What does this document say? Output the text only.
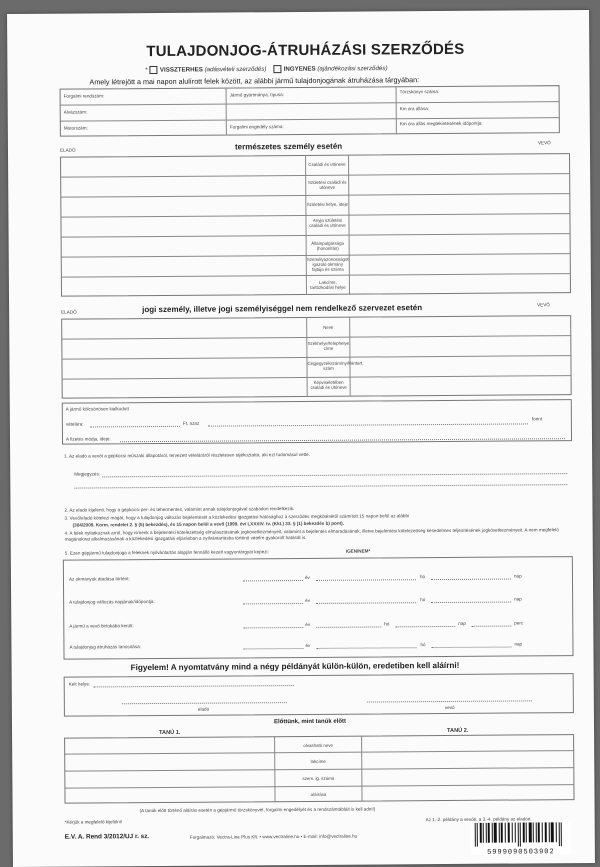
TULAJDONJOG-ÁTRUHÁZÁSI SZERZŐDÉS
* VISSZTERHES (adásvételi szerződés)	INGYENES (ajándékozási szerződés)
Amely létrejött a mai napon alulírott felek között, az alábbi jármű tulajdonjogának átruházása tárgyában:
Forgalmi rendszám:	Jármű gyártmánya, típusa:
Törzskönyv száma:
Alvázszám:
Km óra állása:
Motorszám:	Forgalmi engedély száma:
Km óra állás megtekintésének időpontja:
ELADÓ	természetes személy esetén	VEVŐ
Családi és utóneve
Születési családi és utóneve
Születési helye, ideje
Anyja születési családi és utóneve
Állampolgársága (honosítás)
Személyazonosságot igazoló okmány fajtája és száma
Lakcíme, tartózkodási helye
ELADÓ	jogi személy, illetve jogi személyiséggel nem rendelkező szervezet esetén	VEVŐ
Neve
Székhelye/telephelye címe
Cégjegyzékszám/nyilvántart. szám
Képviseletében családi és utóneve
A jármű kölcsönösen kialkudott
vételára:	Ft, azaz
forint
A fizetés módja, ideje:
1. Az eladó a vevőt a gépkocsi műszaki állapotáról, tervezett vételáráról részletesen tájékoztatta, aki ezt tudomásul vette.
Megjegyzés:
2. Az eladó kijelenti, hogy a gépkocsi per- és tehermentes, valamint annak tulajdonjogával szabadon rendelkezik.
3. Vevő/eladó kötelezi magát, hogy a tulajdonjog változás bejelentését a közlekedési igazgatási hatósághoz a szerződés megkötésétől számított 15 napon belül az alábbi
(304/2009. Korm. rendelet 2. § (5) bekezdés), és 15 napon belül a vevő (1999. évi LXXXIV. tv. (Kkt.) 33. § (1) bekezdés b) pont).
4. A felek nyilatkoznak arról, hogy ismerik a bejelentési kötelezettség elmulasztásának jogkövetkezményeit, valamint a bejelentés elmaradásának, illetve bejelentési kötelezettség késedelmes teljesítésének jogkövetkezményeit. A nem megfelelő magánokirat alkalmazásának a közlekedési igazgatási eljárásban a nyilvántartásba történő vételre gyakorolt hatását is.
5. Ezen gépjármű tulajdonjoga a feleknek nyilvántartás alapján fennálló kezelt vagyontárgyát képezi:	IGEN/NEM*
Az okmányok átadása történt:	év	hó	nap
A tulajdonjog változás napjának/időpontja:	év	hó	nap
A jármű a vevő birtokába került:	év	hó	nap	perc
A tulajdonjog átruházás tanúsítása:	év	hó	nap
Figyelem! A nyomtatvány mind a négy példányát külön-külön, eredetiben kell aláírni!
Kelt helye:
eladó	vevő
Előttünk, mint tanúk előtt
TANÚ 1.	TANÚ 2.
olvasható neve
lakcíme
szem. ig. száma
aláírása
(A tanúk előtt történő aláírás esetén a gépjármű törzskönyvét, forgalmi engedélyét és a rendszámtábláit is kell adni!)
*Kérjük a megfelelő kijelölni!	Az 1.-2. példány a vevőé, a 3.-4. példány az eladóé.
E.V. A. Rend 3/2012/UJ r. sz.	Forgalmazó: Vectra-Line Plus Kft. • www.vectraline.hu • E-mail: info@vectraline.hu
5999090503902
